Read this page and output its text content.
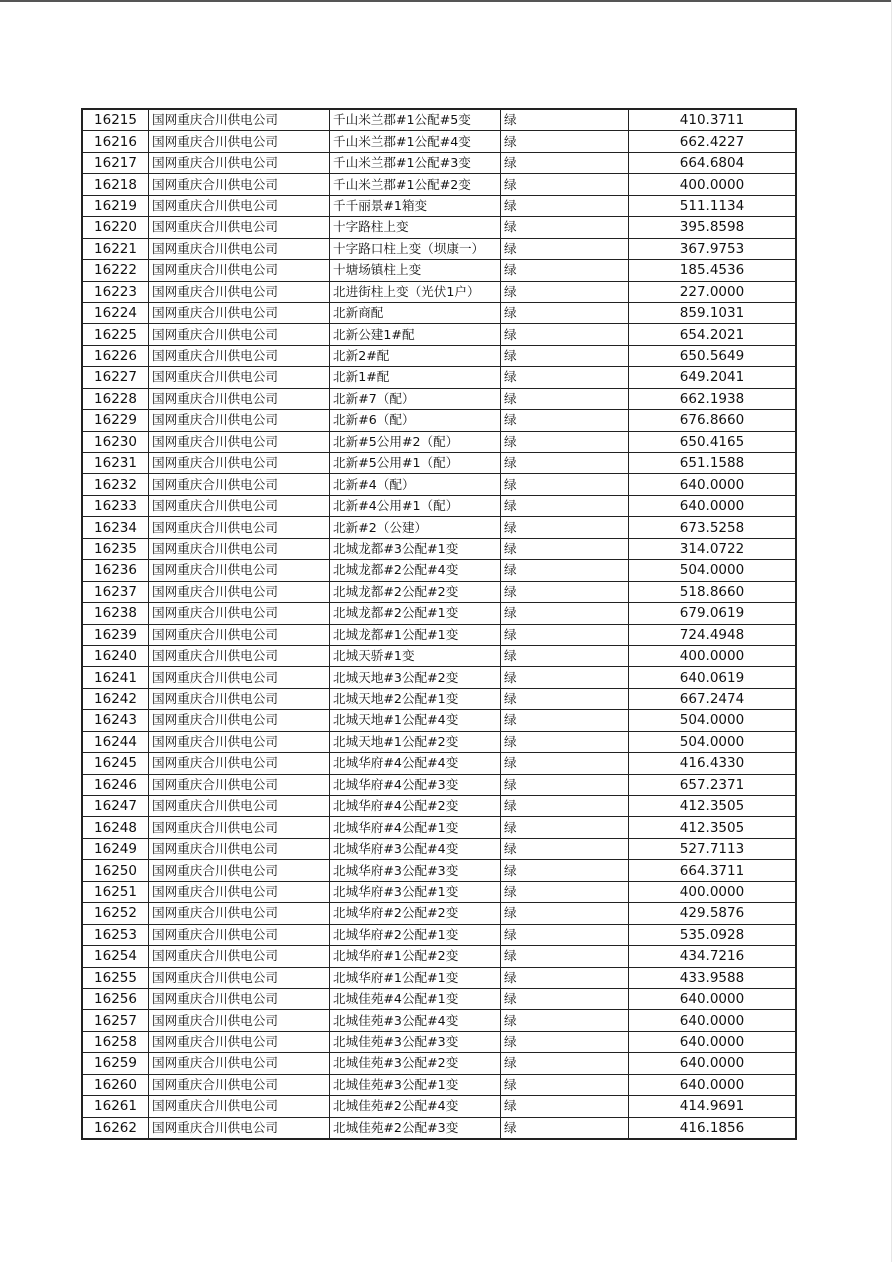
16215	国网重庆合川供电公司	千山米兰郡#1公配#5变	绿	410.3711
16216	国网重庆合川供电公司	千山米兰郡#1公配#4变	绿	662.4227
16217	国网重庆合川供电公司	千山米兰郡#1公配#3变	绿	664.6804
16218	国网重庆合川供电公司	千山米兰郡#1公配#2变	绿	400.0000
16219	国网重庆合川供电公司	千千丽景#1箱变	绿	511.1134
16220	国网重庆合川供电公司	十字路柱上变	绿	395.8598
16221	国网重庆合川供电公司	十字路口柱上变（坝康一）	绿	367.9753
16222	国网重庆合川供电公司	十塘场镇柱上变	绿	185.4536
16223	国网重庆合川供电公司	北进街柱上变（光伏1户）	绿	227.0000
16224	国网重庆合川供电公司	北新商配	绿	859.1031
16225	国网重庆合川供电公司	北新公建1#配	绿	654.2021
16226	国网重庆合川供电公司	北新2#配	绿	650.5649
16227	国网重庆合川供电公司	北新1#配	绿	649.2041
16228	国网重庆合川供电公司	北新#7（配）	绿	662.1938
16229	国网重庆合川供电公司	北新#6（配）	绿	676.8660
16230	国网重庆合川供电公司	北新#5公用#2（配）	绿	650.4165
16231	国网重庆合川供电公司	北新#5公用#1（配）	绿	651.1588
16232	国网重庆合川供电公司	北新#4（配）	绿	640.0000
16233	国网重庆合川供电公司	北新#4公用#1（配）	绿	640.0000
16234	国网重庆合川供电公司	北新#2（公建）	绿	673.5258
16235	国网重庆合川供电公司	北城龙都#3公配#1变	绿	314.0722
16236	国网重庆合川供电公司	北城龙都#2公配#4变	绿	504.0000
16237	国网重庆合川供电公司	北城龙都#2公配#2变	绿	518.8660
16238	国网重庆合川供电公司	北城龙都#2公配#1变	绿	679.0619
16239	国网重庆合川供电公司	北城龙都#1公配#1变	绿	724.4948
16240	国网重庆合川供电公司	北城天骄#1变	绿	400.0000
16241	国网重庆合川供电公司	北城天地#3公配#2变	绿	640.0619
16242	国网重庆合川供电公司	北城天地#2公配#1变	绿	667.2474
16243	国网重庆合川供电公司	北城天地#1公配#4变	绿	504.0000
16244	国网重庆合川供电公司	北城天地#1公配#2变	绿	504.0000
16245	国网重庆合川供电公司	北城华府#4公配#4变	绿	416.4330
16246	国网重庆合川供电公司	北城华府#4公配#3变	绿	657.2371
16247	国网重庆合川供电公司	北城华府#4公配#2变	绿	412.3505
16248	国网重庆合川供电公司	北城华府#4公配#1变	绿	412.3505
16249	国网重庆合川供电公司	北城华府#3公配#4变	绿	527.7113
16250	国网重庆合川供电公司	北城华府#3公配#3变	绿	664.3711
16251	国网重庆合川供电公司	北城华府#3公配#1变	绿	400.0000
16252	国网重庆合川供电公司	北城华府#2公配#2变	绿	429.5876
16253	国网重庆合川供电公司	北城华府#2公配#1变	绿	535.0928
16254	国网重庆合川供电公司	北城华府#1公配#2变	绿	434.7216
16255	国网重庆合川供电公司	北城华府#1公配#1变	绿	433.9588
16256	国网重庆合川供电公司	北城佳苑#4公配#1变	绿	640.0000
16257	国网重庆合川供电公司	北城佳苑#3公配#4变	绿	640.0000
16258	国网重庆合川供电公司	北城佳苑#3公配#3变	绿	640.0000
16259	国网重庆合川供电公司	北城佳苑#3公配#2变	绿	640.0000
16260	国网重庆合川供电公司	北城佳苑#3公配#1变	绿	640.0000
16261	国网重庆合川供电公司	北城佳苑#2公配#4变	绿	414.9691
16262	国网重庆合川供电公司	北城佳苑#2公配#3变	绿	416.1856
